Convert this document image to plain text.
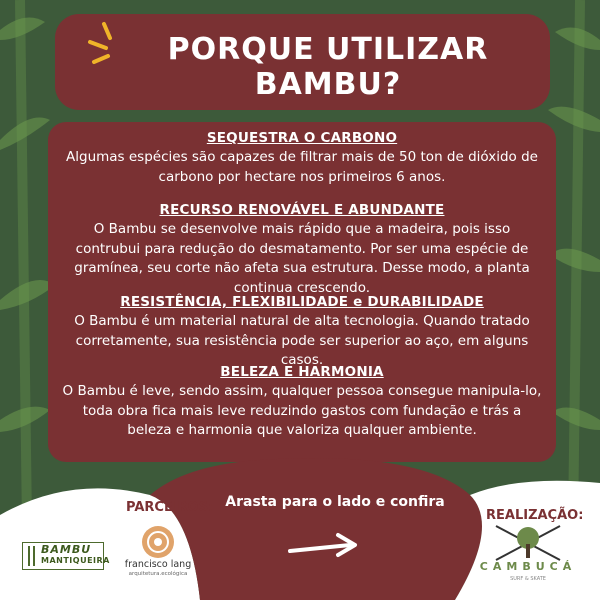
PORQUE UTILIZAR BAMBU?
SEQUESTRA O CARBONO

Algumas espécies são capazes de filtrar mais de 50 ton de dióxido de carbono por hectare nos primeiros 6 anos.

RECURSO RENOVÁVEL E ABUNDANTE

O Bambu se desenvolve mais rápido que a madeira, pois isso contrubui para redução do desmatamento. Por ser uma espécie de gramínea, seu corte não afeta sua estrutura. Desse modo, a planta continua crescendo.

RESISTÊNCIA, FLEXIBILIDADE e DURABILIDADE

O Bambu é um material natural de alta tecnologia. Quando tratado corretamente, sua resistência pode ser superior ao aço, em alguns casos.

BELEZA E HARMONIA

O Bambu é leve, sendo assim, qualquer pessoa consegue manipula-lo, toda obra fica mais leve reduzindo gastos com fundação e trás a beleza e harmonia que valoriza qualquer ambiente.

PARCEIROS: Arasta para o lado e confira
REALIZAÇÃO:
BAMBU
MANTIQUEIRA francisco lang
arquitetura.ecológica
CAMBUCÁ
SURF & SKATE
